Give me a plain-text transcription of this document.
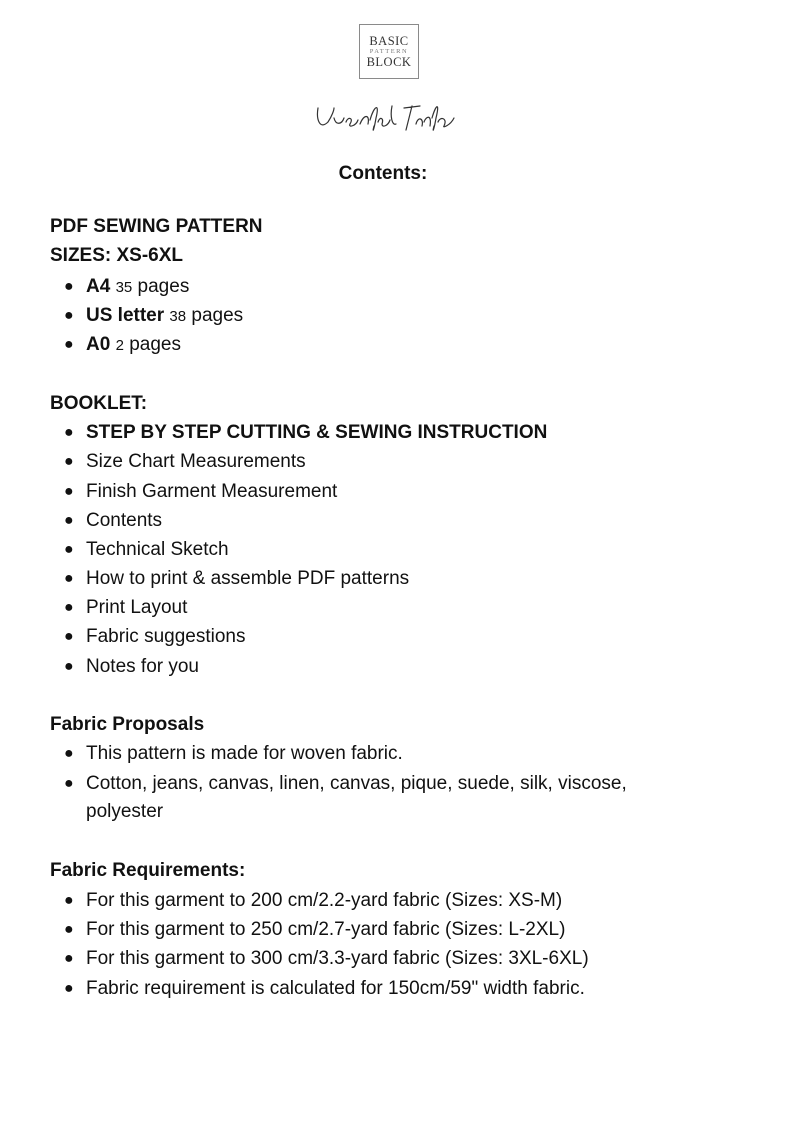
BASIC
PATTERN
BLOCK
Contents:
PDF SEWING PATTERN
SIZES: XS-6XL
● A4 35 pages
● US letter 38 pages
● A0 2 pages
BOOKLET:
● STEP BY STEP CUTTING & SEWING INSTRUCTION
● Size Chart Measurements
● Finish Garment Measurement
● Contents
● Technical Sketch
● How to print & assemble PDF patterns
● Print Layout
● Fabric suggestions
● Notes for you
Fabric Proposals
● This pattern is made for woven fabric.
● Cotton, jeans, canvas, linen, canvas, pique, suede, silk, viscose,
polyester
Fabric Requirements:
● For this garment to 200 cm/2.2-yard fabric (Sizes: XS-M)
● For this garment to 250 cm/2.7-yard fabric (Sizes: L-2XL)
● For this garment to 300 cm/3.3-yard fabric (Sizes: 3XL-6XL)
● Fabric requirement is calculated for 150cm/59" width fabric.
